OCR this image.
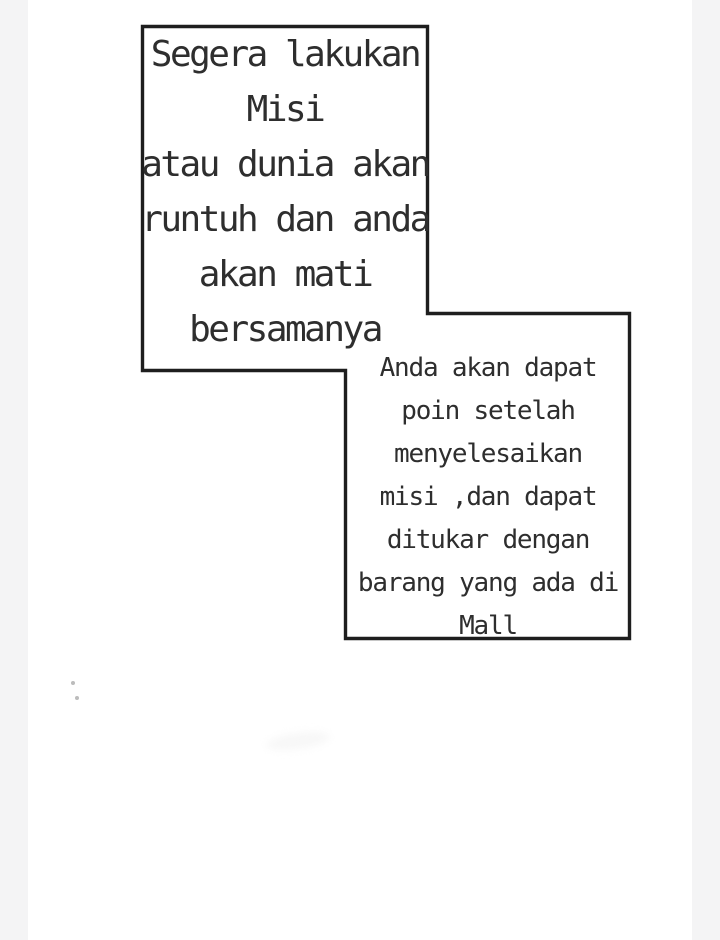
Segera lakukan
Misi
atau dunia akan
runtuh dan anda
akan mati
bersamanya
Anda akan dapat
poin setelah
menyelesaikan
misi ,dan dapat
ditukar dengan
barang yang ada di
Mall
